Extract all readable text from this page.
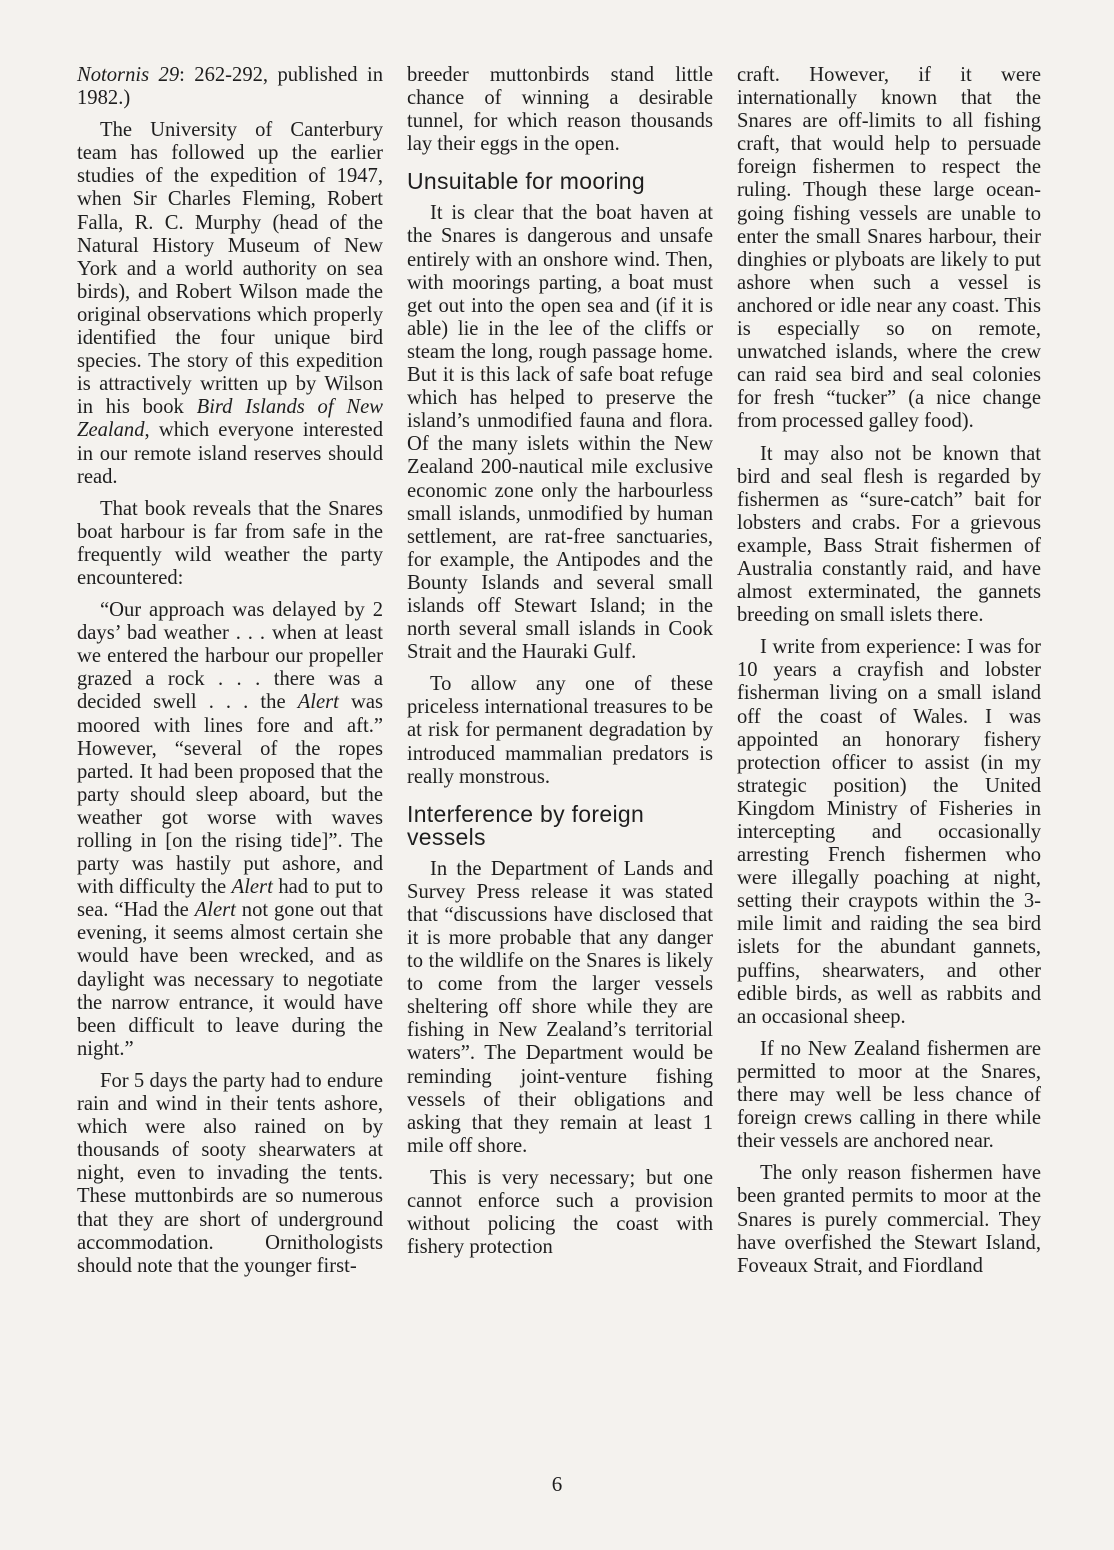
Notornis 29: 262-292, published in 1982.)

The University of Canterbury team has followed up the earlier studies of the expedition of 1947, when Sir Charles Fleming, Robert Falla, R. C. Murphy (head of the Natural History Museum of New York and a world authority on sea birds), and Robert Wilson made the original observations which properly identified the four unique bird species. The story of this expedition is attractively written up by Wilson in his book Bird Islands of New Zealand, which everyone interested in our remote island reserves should read.

That book reveals that the Snares boat harbour is far from safe in the frequently wild weather the party encountered:

“Our approach was delayed by 2 days’ bad weather . . . when at least we entered the harbour our propeller grazed a rock . . . there was a decided swell . . . the Alert was moored with lines fore and aft.” However, “several of the ropes parted. It had been proposed that the party should sleep aboard, but the weather got worse with waves rolling in [on the rising tide]”. The party was hastily put ashore, and with difficulty the Alert had to put to sea. “Had the Alert not gone out that evening, it seems almost certain she would have been wrecked, and as daylight was necessary to negotiate the narrow entrance, it would have been difficult to leave during the night.”

For 5 days the party had to endure rain and wind in their tents ashore, which were also rained on by thousands of sooty shearwaters at night, even to invading the tents. These muttonbirds are so numerous that they are short of underground accommodation. Ornithologists should note that the younger first-

breeder muttonbirds stand little chance of winning a desirable tunnel, for which reason thousands lay their eggs in the open.

Unsuitable for mooring

It is clear that the boat haven at the Snares is dangerous and unsafe entirely with an onshore wind. Then, with moorings parting, a boat must get out into the open sea and (if it is able) lie in the lee of the cliffs or steam the long, rough passage home. But it is this lack of safe boat refuge which has helped to preserve the island’s unmodified fauna and flora. Of the many islets within the New Zealand 200-nautical mile exclusive economic zone only the harbourless small islands, unmodified by human settlement, are rat-free sanctuaries, for example, the Antipodes and the Bounty Islands and several small islands off Stewart Island; in the north several small islands in Cook Strait and the Hauraki Gulf.

To allow any one of these priceless international treasures to be at risk for permanent degradation by introduced mammalian predators is really monstrous.

Interference by foreign vessels

In the Department of Lands and Survey Press release it was stated that “discussions have disclosed that it is more probable that any danger to the wildlife on the Snares is likely to come from the larger vessels sheltering off shore while they are fishing in New Zealand’s territorial waters”. The Department would be reminding joint-venture fishing vessels of their obligations and asking that they remain at least 1 mile off shore.

This is very necessary; but one cannot enforce such a provision without policing the coast with fishery protection

craft. However, if it were internationally known that the Snares are off-limits to all fishing craft, that would help to persuade foreign fishermen to respect the ruling. Though these large ocean-going fishing vessels are unable to enter the small Snares harbour, their dinghies or plyboats are likely to put ashore when such a vessel is anchored or idle near any coast. This is especially so on remote, unwatched islands, where the crew can raid sea bird and seal colonies for fresh “tucker” (a nice change from processed galley food).

It may also not be known that bird and seal flesh is regarded by fishermen as “sure-catch” bait for lobsters and crabs. For a grievous example, Bass Strait fishermen of Australia constantly raid, and have almost exterminated, the gannets breeding on small islets there.

I write from experience: I was for 10 years a crayfish and lobster fisherman living on a small island off the coast of Wales. I was appointed an honorary fishery protection officer to assist (in my strategic position) the United Kingdom Ministry of Fisheries in intercepting and occasionally arresting French fishermen who were illegally poaching at night, setting their craypots within the 3-mile limit and raiding the sea bird islets for the abundant gannets, puffins, shearwaters, and other edible birds, as well as rabbits and an occasional sheep.

If no New Zealand fishermen are permitted to moor at the Snares, there may well be less chance of foreign crews calling in there while their vessels are anchored near.

The only reason fishermen have been granted permits to moor at the Snares is purely commercial. They have overfished the Stewart Island, Foveaux Strait, and Fiordland

6
